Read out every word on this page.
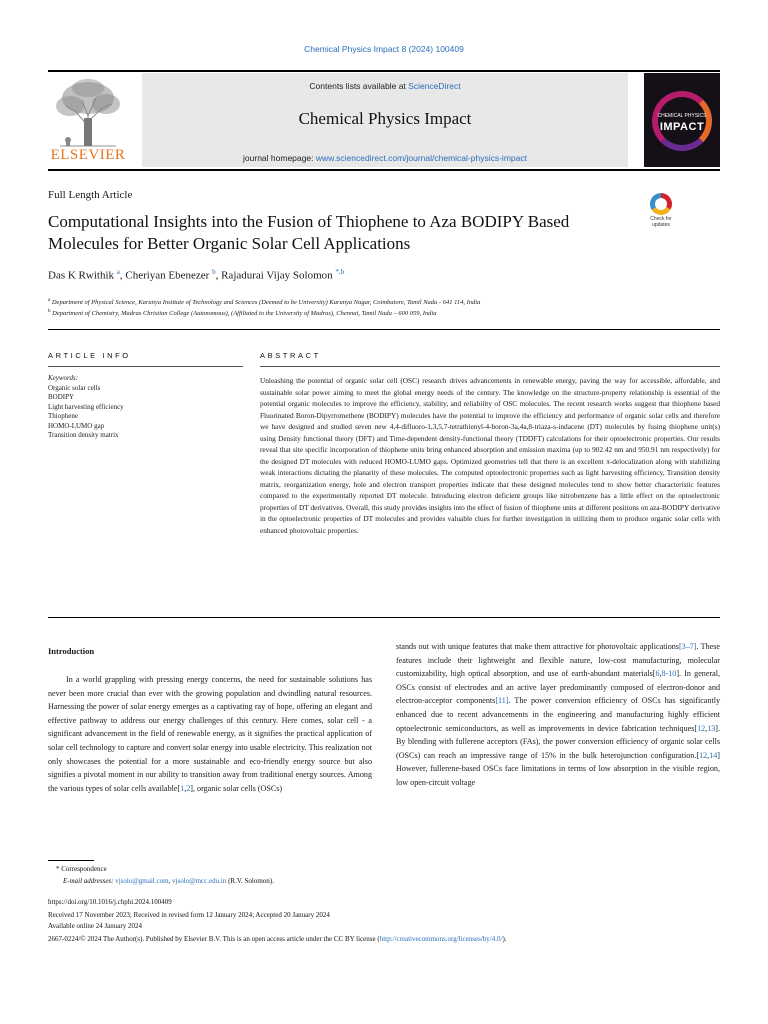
Chemical Physics Impact 8 (2024) 100409
ELSEVIER
Contents lists available at ScienceDirect
Chemical Physics Impact
journal homepage: www.sciencedirect.com/journal/chemical-physics-impact
CHEMICAL PHYSICS
IMPACT
Full Length Article
Check for updates
Computational Insights into the Fusion of Thiophene to Aza BODIPY Based Molecules for Better Organic Solar Cell Applications
Das K Rwithik $^a$, Cheriyan Ebenezer $^b$, Rajadurai Vijay Solomon $^{*,b}$
$^a$ Department of Physical Science, Karunya Institute of Technology and Sciences (Deemed to be University) Karunya Nagar, Coimbatore, Tamil Nadu - 641 114, India
$^b$ Department of Chemistry, Madras Christian College (Autonomous), (Affiliated to the University of Madras), Chennai, Tamil Nadu – 600 059, India
ARTICLE INFO	ABSTRACT
Keywords:
Organic solar cells
BODIPY
Light harvesting efficiency
Thiophene
HOMO-LUMO gap
Transition density matrix
Unleashing the potential of organic solar cell (OSC) research drives advancements in renewable energy, paving the way for accessible, affordable, and sustainable solar power aiming to meet the global energy needs of the century. The knowledge on the structure-property relationship is essential of the potential organic molecules to improve the efficiency, stability, and reliability of OSC molecules. The recent research works suggest that thiophene based Fluorinated Boron-Dipyrromethene (BODIPY) molecules have the potential to improve the efficiency and performance of organic solar cells and therefore we have designed and studied seven new 4,4-difluoro-1,3,5,7-tetrathienyl-4-boron-3a,4a,8-triaza-s-indacene (DT) molecules by fusing thiophene unit(s) using Density functional theory (DFT) and Time-dependent density-functional theory (TDDFT) calculations for their optoelectronic properties. Our results reveal that site specific incorporation of thiophene units bring enhanced absorption and emission maxima (up to 902.42 nm and 950.91 nm respectively) for the designed DT molecules with reduced HOMO-LUMO gaps. Optimized geometries tell that there is an excellent π-delocalization along with stabilizing weak interactions dictating the planarity of these molecules. The computed optoelectronic properties such as light harvesting efficiency, Transition density matrix, reorganization energy, hole and electron transport properties indicate that these designed molecules tend to show better characteristic features compared to the experimentally reported DT molecule. Introducing electron deficient groups like nitrobenzene has a little effect on the optoelectronic properties of DT derivatives. Overall, this study provides insights into the effect of fusion of thiophene units at different positions on aza-BODIPY derivative in the optoelectronic properties of DT molecules and provides valuable clues for further investigation in utilizing them to produce organic solar cells with enhanced photovoltaic properties.
Introduction
In a world grappling with pressing energy concerns, the need for sustainable solutions has never been more crucial than ever with the growing population and dwindling natural resources. Harnessing the power of solar energy emerges as a captivating ray of hope, offering an elegant and effective pathway to address our energy challenges of this century. Here comes, solar cell - a significant advancement in the field of renewable energy, as it signifies the practical application of solar cell technology to capture and convert solar energy into usable electricity. This realization not only showcases the potential for a more sustainable and eco-friendly energy source but also signifies a pivotal moment in our ability to transition away from traditional energy sources. Among the various types of solar cells available[1,2], organic solar cells (OSCs)
stands out with unique features that make them attractive for photovoltaic applications[3–7]. These features include their lightweight and flexible nature, low-cost manufacturing, molecular customizability, high optical absorption, and use of earth-abundant materials[6,8-10]. In general, OSCs consist of electrodes and an active layer predominantly composed of electron-donor and electron-acceptor components[11]. The power conversion efficiency of OSCs has significantly enhanced due to recent advancements in the engineering and manufacturing highly efficient optoelectronic semiconductors, as well as improvements in device fabrication techniques[12,13]. By blending with fullerene acceptors (FAs), the power conversion efficiency of organic solar cells (OSCs) can reach an impressive range of 15% in the bulk heterojunction configuration.[12,14] However, fullerene-based OSCs face limitations in terms of low absorption in the visible region, low open-circuit voltage
* Correspondence
E-mail addresses: vjsolo@gmail.com, vjsolo@mcc.edu.in (R.V. Solomon).
https://doi.org/10.1016/j.chphi.2024.100409
Received 17 November 2023; Received in revised form 12 January 2024; Accepted 20 January 2024
Available online 24 January 2024
2667-0224/© 2024 The Author(s). Published by Elsevier B.V. This is an open access article under the CC BY license (http://creativecommons.org/licenses/by/4.0/).
